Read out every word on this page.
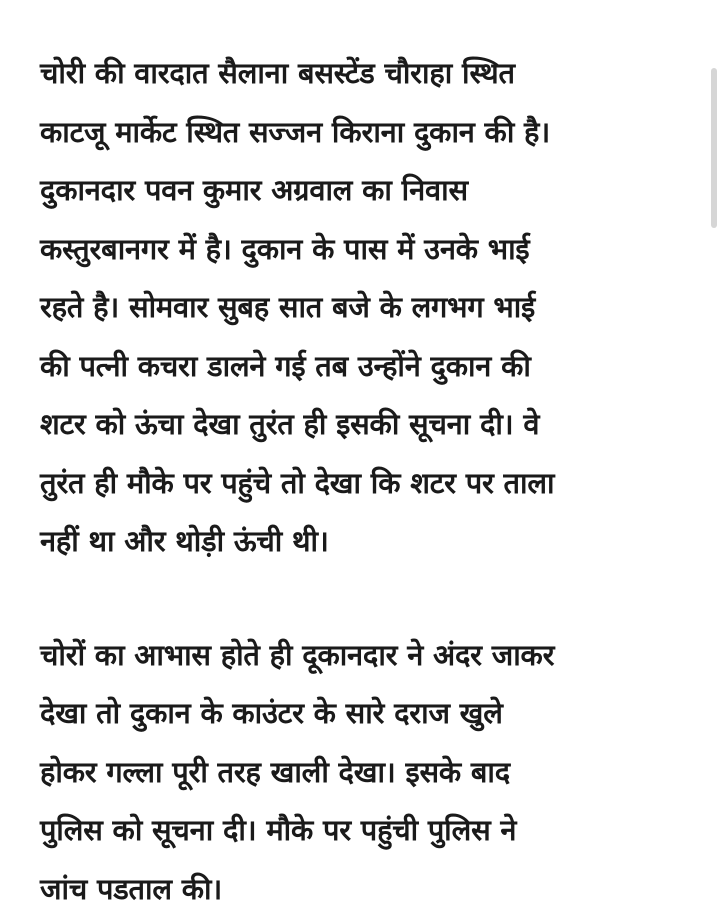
चोरी की वारदात सैलाना बसस्टेंड चौराहा स्थित
काटजू मार्केट स्थित सज्जन किराना दुकान की है।
दुकानदार पवन कुमार अग्रवाल का निवास
कस्तुरबानगर में है। दुकान के पास में उनके भाई
रहते है। सोमवार सुबह सात बजे के लगभग भाई
की पत्नी कचरा डालने गई तब उन्होंने दुकान की
शटर को ऊंचा देखा तुरंत ही इसकी सूचना दी। वे
तुरंत ही मौके पर पहुंचे तो देखा कि शटर पर ताला
नहीं था और थोड़ी ऊंची थी।

चोरों का आभास होते ही दूकानदार ने अंदर जाकर
देखा तो दुकान के काउंटर के सारे दराज खुले
होकर गल्ला पूरी तरह खाली देखा। इसके बाद
पुलिस को सूचना दी। मौके पर पहुंची पुलिस ने
जांच पडताल की।
